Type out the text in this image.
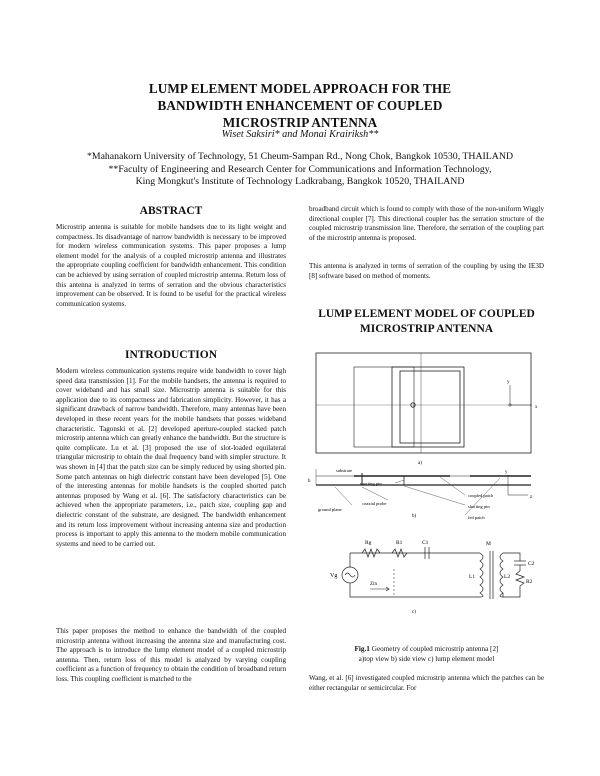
LUMP ELEMENT MODEL APPROACH FOR THE
BANDWIDTH ENHANCEMENT OF COUPLED
MICROSTRIP ANTENNA
Wiset Saksiri* and Monai Krairiksh**
*Mahanakorn University of Technology, 51 Cheum-Sampan Rd., Nong Chok, Bangkok 10530, THAILAND
**Faculty of Engineering and Research Center for Communications and Information Technology,
King Mongkut's Institute of Technology Ladkrabang, Bangkok 10520, THAILAND
ABSTRACT

Microstrip antenna is suitable for mobile handsets due to its light weight and compactness. Its disadvantage of narrow bandwidth is necessary to be improved for modern wireless communication systems. This paper proposes a lump element model for the analysis of a coupled microstrip antenna and illustrates the appropriate coupling coefficient for bandwidth enhancement. This condition can be achieved by using serration of coupled microstrip antenna. Return loss of this antenna is analyzed in terms of serration and the obvious characteristics improvement can be observed. It is found to be useful for the practical wireless communication systems.

INTRODUCTION

Modern wireless communication systems require wide bandwidth to cover high speed data transmission [1]. For the mobile handsets, the antenna is required to cover wideband and has small size. Microstrip antenna is suitable for this application due to its compactness and fabrication simplicity. However, it has a significant drawback of narrow bandwidth. Therefore, many antennas have been developed in these recent years for the mobile handsets that posses wideband characteristic. Tagonski et al. [2] developed aperture-coupled stacked patch microstrip antenna which can greatly enhance the bandwidth. But the structure is quite complicate. Lu et al. [3] proposed the use of slot-loaded equilateral triangular microstrip to obtain the dual frequency band with simpler structure. It was shown in [4] that the patch size can be simply reduced by using shorted pin. Some patch antennas on high dielectric constant have been developed [5]. One of the interesting antennas for mobile handsets is the coupled shorted patch antennas proposed by Wang et al. [6]. The satisfactory characteristics can be achieved when the appropriate parameters, i.e., patch size, coupling gap and dielectric constant of the substrate, are designed. The bandwidth enhancement and its return loss improvement without increasing antenna size and production process is important to apply this antenna to the modern mobile communication systems and need to be carried out.

This paper proposes the method to enhance the bandwidth of the coupled microstrip antenna without increasing the antenna size and manufacturing cost. The approach is to introduce the lump element model of a coupled microstrip antenna. Then, return loss of this model is analyzed by varying coupling coefficient as a function of frequency to obtain the condition of broadband return loss. This coupling coefficient is matched to the

broadband circuit which is found to comply with those of the non-uniform Wiggly directional coupler [7]. This directional coupler has the serration structure of the coupled microstrip transmission line. Therefore, the serration of the coupling part of the microstrip antenna is proposed.

This antenna is analyzed in terms of serration of the coupling by using the IE3D [8] software based on method of moments.

LUMP ELEMENT MODEL OF COUPLED
MICROSTRIP ANTENNA
x
y
a)
h
substrate
shorting pin
coaxial probe
ground plane
coupled patch
shorting pin
fed patch
z
y
b)
Rg	R1	C1	M
C2
L1	L2
R2
Vg
Zin
c)
Fig.1 Geometry of coupled microstrip antenna [2]
a)top view b) side view c) lump element model

Wang, et al. [6] investigated coupled microstrip antenna which the patches can be either rectangular or semicircular. For
